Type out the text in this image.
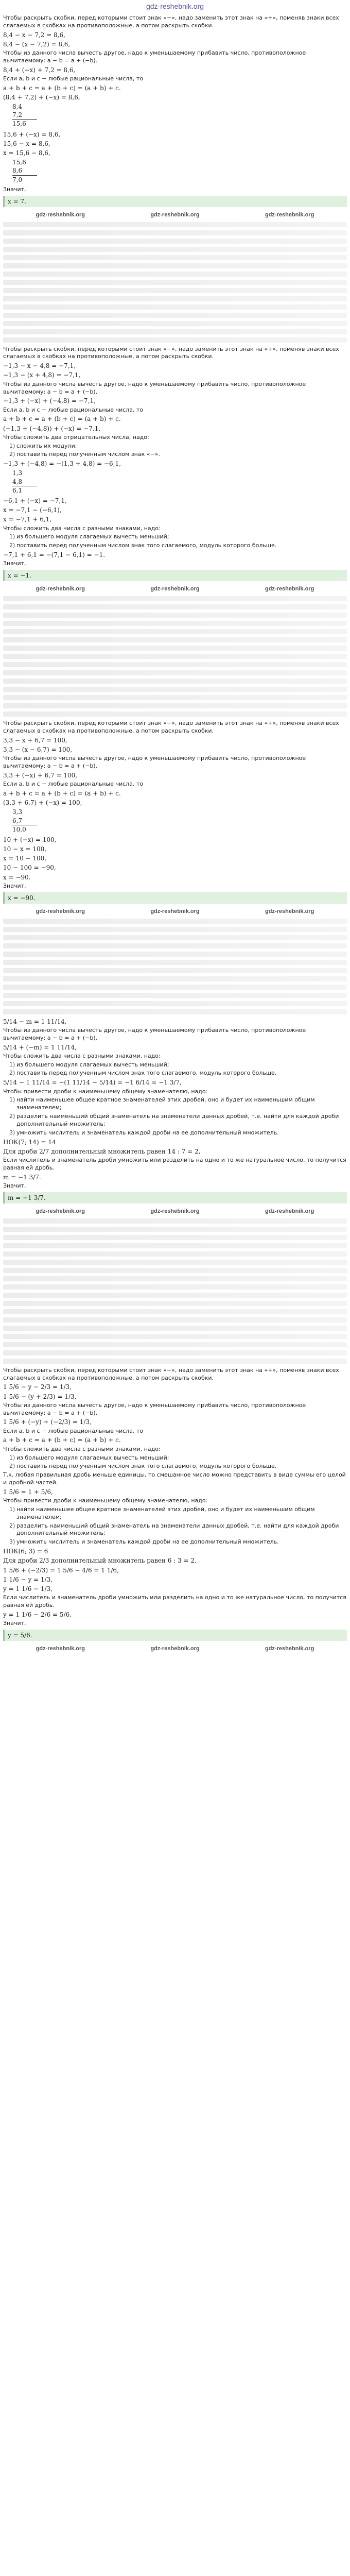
gdz-reshebnik.org

Чтобы раскрыть скобки, перед которыми стоит знак «−», надо заменить этот знак на «+», поменяв знаки всех слагаемых в скобках на противоположные, а потом раскрыть скобки.

8,4 − x − 7,2 = 8,6,
8,4 − (x − 7,2) = 8,6,

Чтобы из данного числа вычесть другое, надо к уменьшаемому прибавить число, противоположное вычитаемому: a − b = a + (−b).

8,4 + (−x) + 7,2 = 8,6,

Если a, b и c − любые рациональные числа, то

a + b + c = a + (b + c) = (a + b) + c.
(8,4 + 7,2) + (−x) = 8,6,
8,4
7,2
15,6
15,6 + (−x) = 8,6,
15,6 − x = 8,6,
x = 15,6 − 8,6,
15,6
8,6
7,0
Значит,
x = 7.
gdz-reshebnik.org	gdz-reshebnik.org	gdz-reshebnik.org

Чтобы раскрыть скобки, перед которыми стоит знак «−», надо заменить этот знак на «+», поменяв знаки всех слагаемых в скобках на противоположные, а потом раскрыть скобки.

−1,3 − x − 4,8 = −7,1,
−1,3 − (x + 4,8) = −7,1,

Чтобы из данного числа вычесть другое, надо к уменьшаемому прибавить число, противоположное вычитаемому: a − b = a + (−b).

−1,3 + (−x) + (−4,8) = −7,1,

Если a, b и c − любые рациональные числа, то

a + b + c = a + (b + c) = (a + b) + c.
(−1,3 + (−4,8)) + (−x) = −7,1,

Чтобы сложить два отрицательных числа, надо:

1) сложить их модули;
2) поставить перед полученным числом знак «−».
−1,3 + (−4,8) = −(1,3 + 4,8) = −6,1,
1,3
4,8
6,1
−6,1 + (−x) = −7,1,
x = −7,1 − (−6,1),
x = −7,1 + 6,1,

Чтобы сложить два числа с разными знаками, надо:

1) из большего модуля слагаемых вычесть меньший;
2) поставить перед полученным числом знак того слагаемого, модуль которого больше.
−7,1 + 6,1 = −(7,1 − 6,1) = −1.
Значит,
x = −1.
gdz-reshebnik.org	gdz-reshebnik.org	gdz-reshebnik.org

Чтобы раскрыть скобки, перед которыми стоит знак «−», надо заменить этот знак на «+», поменяв знаки всех слагаемых в скобках на противоположные, а потом раскрыть скобки.

3,3 − x + 6,7 = 100,
3,3 − (x − 6,7) = 100,

Чтобы из данного числа вычесть другое, надо к уменьшаемому прибавить число, противоположное вычитаемому: a − b = a + (−b).

3,3 + (−x) + 6,7 = 100,

Если a, b и c − любые рациональные числа, то

a + b + c = a + (b + c) = (a + b) + c.
(3,3 + 6,7) + (−x) = 100,
3,3
6,7
10,0
10 + (−x) = 100,
10 − x = 100,
x = 10 − 100,
10 − 100 = −90,
x = −90.
Значит,
x = −90.
gdz-reshebnik.org	gdz-reshebnik.org	gdz-reshebnik.org
5/14 − m = 1 11/14,

Чтобы из данного числа вычесть другое, надо к уменьшаемому прибавить число, противоположное вычитаемому: a − b = a + (−b).

5/14 + (−m) = 1 11/14,

Чтобы сложить два числа с разными знаками, надо:

1) из большего модуля слагаемых вычесть меньший;
2) поставить перед полученным числом знак того слагаемого, модуль которого больше.
5/14 − 1 11/14 = −(1 11/14 − 5/14) = −1 6/14 = −1 3/7,

Чтобы привести дроби к наименьшему общему знаменателю, надо:

1) найти наименьшее общее кратное знаменателей этих дробей, оно и будет их наименьшим общим знаменателем;
2) разделить наименьший общий знаменатель на знаменатели данных дробей, т.е. найти для каждой дроби дополнительный множитель;
3) умножить числитель и знаменатель каждой дроби на ее дополнительный множитель.
НОК(7; 14) = 14
Для дроби 2/7 дополнительный множитель равен 14 : 7 = 2,

Если числитель и знаменатель дроби умножить или разделить на одно и то же натуральное число, то получится равная ей дробь.

m = −1 3/7.
Значит,
m = −1 3/7.
gdz-reshebnik.org	gdz-reshebnik.org	gdz-reshebnik.org

Чтобы раскрыть скобки, перед которыми стоит знак «−», надо заменить этот знак на «+», поменяв знаки всех слагаемых в скобках на противоположные, а потом раскрыть скобки.

1 5/6 − y − 2/3 = 1/3,
1 5/6 − (y + 2/3) = 1/3,

Чтобы из данного числа вычесть другое, надо к уменьшаемому прибавить число, противоположное вычитаемому: a − b = a + (−b).

1 5/6 + (−y) + (−2/3) = 1/3,

Если a, b и c − любые рациональные числа, то

a + b + c = a + (b + c) = (a + b) + c.

Чтобы сложить два числа с разными знаками, надо:

1) из большего модуля слагаемых вычесть меньший;
2) поставить перед полученным числом знак того слагаемого, модуль которого больше.

Т.к. любая правильная дробь меньше единицы, то смешанное число можно представить в виде суммы его целой и дробной частей.

1 5/6 = 1 + 5/6,

Чтобы привести дроби к наименьшему общему знаменателю, надо:

1) найти наименьшее общее кратное знаменателей этих дробей, оно и будет их наименьшим общим знаменателем;
2) разделить наименьший общий знаменатель на знаменатели данных дробей, т.е. найти для каждой дроби дополнительный множитель;
3) умножить числитель и знаменатель каждой дроби на ее дополнительный множитель.
НОК(6; 3) = 6
Для дроби 2/3 дополнительный множитель равен 6 : 3 = 2,
1 5/6 + (−2/3) = 1 5/6 − 4/6 = 1 1/6,
1 1/6 − y = 1/3,
y = 1 1/6 − 1/3,

Если числитель и знаменатель дроби умножить или разделить на одно и то же натуральное число, то получится равная ей дробь.

y = 1 1/6 − 2/6 = 5/6.
Значит,
y = 5/6.
gdz-reshebnik.org	gdz-reshebnik.org	gdz-reshebnik.org
